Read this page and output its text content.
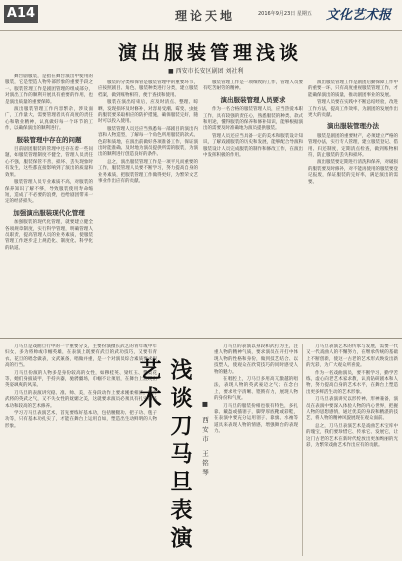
A14	理论天地	2016年9月23日 星期五 文化艺术报
演出服装管理浅谈
■ 西安市长安区剧团 刘社利

舞台剧服装，是指在舞台演出中使用的服装，它是塑造人物外部形象的重要手段之一。服装管理工作是剧团管理的组成部分，对演出工作的顺利开展具有重要的作用，也是演出质量的重要保障。

演出服装管理工作内容繁杂，涉及面广，工作量大，需要管理者具有高度的责任心和敬业精神，认真做好每一个环节的工作，以确保演出的顺利进行。

服装管理中存在的问题

目前剧团服装的管理中还存在着一些问题，如服装管理制度不健全，管理人员责任心不强，服装保管不善，损坏、丢失现象时有发生，这些都直接影响到了演出的质量和效果。

服装管理人员专业素质不高，对服装的保养知识了解不够，导致服装使用寿命缩短，造成了不必要的浪费，也给剧团带来一定的经济损失。

加强演出服装现代化管理

加强服装的现代化管理，就要建立健全各项规章制度，实行科学管理，明确管理人员职责，提高管理人员的业务素质，使服装管理工作逐步走上规范化、制度化、科学化的轨道。

服装的分类和保管是服装管理中的重要环节，应按照剧目、角色、服装种类进行分类，建立服装档案，做到账物相符，便于查找和使用。

服装在演出结束后，应及时清点、整理、晾晒，发现损坏及时修补，对容易受潮、霉变、虫蛀的服装要采取相应的防护措施，确保服装完好，随时可以投入使用。

服装管理人员还应当熟悉每一部剧目的演出内容和人物造型，了解每一个角色所用服装的款式、色彩和质地，在演出前做好各项准备工作，保证演出时能准确、及时地为演员提供所需的服装，为演出的顺利进行创造良好的条件。

总之，演出服装管理工作是一项平凡而重要的工作，服装管理人员要不断学习，努力提高自身的业务素质，把服装管理工作做得更好，为繁荣文艺事业作出应有的贡献。

服装管理工作是一项细致的工作，管理人员要有吃苦耐劳的精神。

演出服装管理人员要求

作为一名合格的服装管理人员，应当热爱本职工作，具有较强的责任心，熟悉服装的种类、款式和用途，懂得服装的保养和修补知识，能够根据演出的需要及时准确地为演员提供服装。

管理人员还应当具备一定的美术和服装设计知识，了解戏剧服装的历史和发展，能够配合导演和服装设计人员完成服装的制作和修改工作，在演出中发挥积极的作用。

演出服装管理工作是剧团后勤保障工作中的重要一环，只有高度重视服装管理工作，才能确保演出的质量，推动剧团事业的发展。

管理人员要在实践中不断总结经验，改进工作方法，提高工作效率，为剧团的发展作出更大的贡献。

演出服装管理办法

服装是剧团的重要财产，必须建立严格的管理办法，实行专人管理，建立服装登记、借用、归还制度，定期清点检查，做到账物相符，防止服装的丢失和损坏。

演出服装要定期进行清洗和保养，对破损的服装要及时修补，对不能再使用的服装要登记报废，保证服装的完好率，满足演出的需要。

刀马旦是戏曲旦行中的一个重要分支，主要扮演擅长武艺的青年或中年妇女，多为将帅或巾帼英雄，在表演上既要有武旦的武功技巧，又要有青衣、花旦的唱念做表，文武兼备，唱做并重，是一个对演员综合素质要求很高的行当。

刀马旦扮演的人物多是身份较高的女性，如穆桂英、梁红玉、樊梨花等，她们身披战甲，手持兵器，驰骋疆场，巾帼不让须眉，在舞台上展现出英姿飒爽的风采。

刀马旦的表演讲究稳、准、帅、美，在身段动作上要求刚柔相济，既有武将的英武之气，又不失女性的妩媚之美，这就要求演员必须具有扎实的基本功和较高的艺术修养。

学习刀马旦表演艺术，首先要练好基本功，包括腰腿功、把子功、毯子功等，只有基本功扎实了，才能在舞台上运用自如，塑造出生动鲜明的人物形象。	浅谈刀马旦表演艺术
■ 西安市 王铭琴

刀马旦的表演以身段和武打为主，注重人物的精神气质，要求演员在开打中体现人物的性格和身份，做到技艺结合、以技塑人，使观众在欣赏技巧的同时感受人物的魅力。

在唱腔上，刀马旦多用高亢激越的唱法，表现人物的英武豪迈之气；在念白上，要求吐字清晰、铿锵有力，展现人物的身份和气度。

刀马旦的服装扮相也很有特色，多扎靠、戴盔或插翎子，脚穿厚底靴或彩鞋，在表演中要充分运用翎子、靠旗、水袖等道具来表现人物的情感，增强舞台的表现力。

刀马旦表演艺术的传承与发展，需要一代又一代戏曲人的不懈努力，在继承传统的基础上不断创新，使这一古老的艺术形式焕发出新的光彩，为广大观众所喜爱。

作为一名戏曲演员，要不断学习，勤学苦练，虚心向老艺术家求教，认真钻研剧本和人物，努力提高自身的艺术水平，在舞台上塑造出更多鲜活生动的艺术形象。

刀马旦表演讲究以形传神、形神兼备，演员在表演中要深入体验人物的内心世界，把握人物的思想感情，通过优美的身段和精湛的技艺，将人物的精神风貌展现在观众面前。

总之，刀马旦表演艺术是戏曲艺术宝库中的瑰宝，我们要珍惜它、传承它、发展它，让这门古老的艺术在新时代绽放出更加绚丽的光彩，为繁荣戏曲艺术作出应有的贡献。
